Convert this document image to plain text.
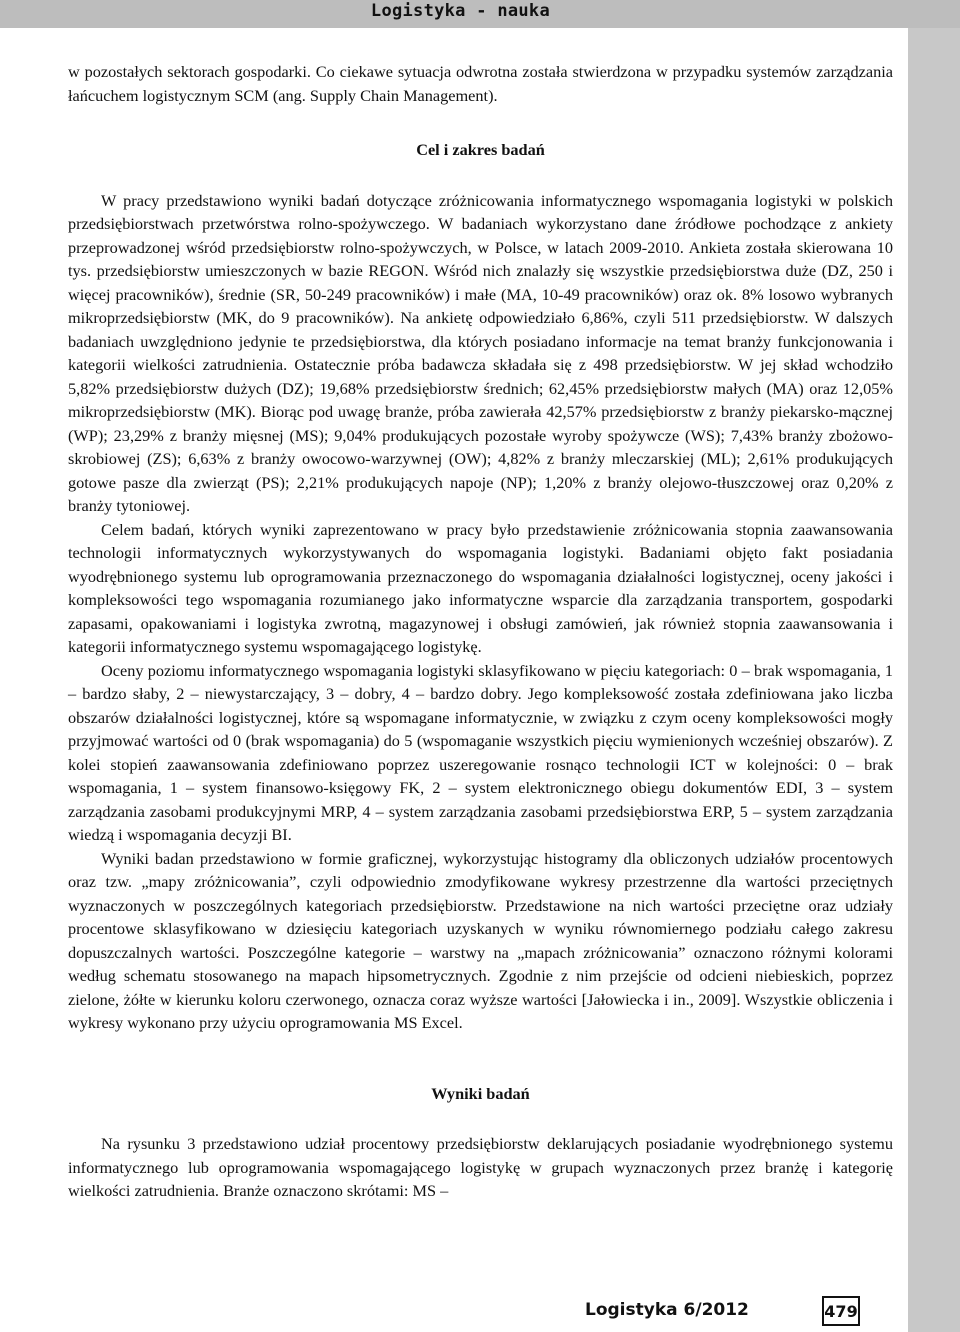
Logistyka - nauka

w pozostałych sektorach gospodarki. Co ciekawe sytuacja odwrotna została stwierdzona w przypadku systemów zarządzania łańcuchem logistycznym SCM (ang. Supply Chain Management).

Cel i zakres badań

W pracy przedstawiono wyniki badań dotyczące zróżnicowania informatycznego wspomagania logistyki w polskich przedsiębiorstwach przetwórstwa rolno-spożywczego. W badaniach wykorzystano dane źródłowe pochodzące z ankiety przeprowadzonej wśród przedsiębiorstw rolno-spożywczych, w Polsce, w latach 2009-2010. Ankieta została skierowana 10 tys. przedsiębiorstw umieszczonych w bazie REGON. Wśród nich znalazły się wszystkie przedsiębiorstwa duże (DZ, 250 i więcej pracowników), średnie (SR, 50-249 pracowników) i małe (MA, 10-49 pracowników) oraz ok. 8% losowo wybranych mikroprzedsiębiorstw (MK, do 9 pracowników). Na ankietę odpowiedziało 6,86%, czyli 511 przedsiębiorstw. W dalszych badaniach uwzględniono jedynie te przedsiębiorstwa, dla których posiadano informacje na temat branży funkcjonowania i kategorii wielkości zatrudnienia. Ostatecznie próba badawcza składała się z 498 przedsiębiorstw. W jej skład wchodziło 5,82% przedsiębiorstw dużych (DZ); 19,68% przedsiębiorstw średnich; 62,45% przedsiębiorstw małych (MA) oraz 12,05% mikroprzedsiębiorstw (MK). Biorąc pod uwagę branże, próba zawierała 42,57% przedsiębiorstw z branży piekarsko-mącznej (WP); 23,29% z branży mięsnej (MS); 9,04% produkujących pozostałe wyroby spożywcze (WS); 7,43% branży zbożowo-skrobiowej (ZS); 6,63% z branży owocowo-warzywnej (OW); 4,82% z branży mleczarskiej (ML); 2,61% produkujących gotowe pasze dla zwierząt (PS); 2,21% produkujących napoje (NP); 1,20% z branży olejowo-tłuszczowej oraz 0,20% z branży tytoniowej.

Celem badań, których wyniki zaprezentowano w pracy było przedstawienie zróżnicowania stopnia zaawansowania technologii informatycznych wykorzystywanych do wspomagania logistyki. Badaniami objęto fakt posiadania wyodrębnionego systemu lub oprogramowania przeznaczonego do wspomagania działalności logistycznej, oceny jakości i kompleksowości tego wspomagania rozumianego jako informatyczne wsparcie dla zarządzania transportem, gospodarki zapasami, opakowaniami i logistyka zwrotną, magazynowej i obsługi zamówień, jak również stopnia zaawansowania i kategorii informatycznego systemu wspomagającego logistykę.

Oceny poziomu informatycznego wspomagania logistyki sklasyfikowano w pięciu kategoriach: 0 – brak wspomagania, 1 – bardzo słaby, 2 – niewystarczający, 3 – dobry, 4 – bardzo dobry. Jego kompleksowość została zdefiniowana jako liczba obszarów działalności logistycznej, które są wspomagane informatycznie, w związku z czym oceny kompleksowości mogły przyjmować wartości od 0 (brak wspomagania) do 5 (wspomaganie wszystkich pięciu wymienionych wcześniej obszarów). Z kolei stopień zaawansowania zdefiniowano poprzez uszeregowanie rosnąco technologii ICT w kolejności: 0 – brak wspomagania, 1 – system finansowo-księgowy FK, 2 – system elektronicznego obiegu dokumentów EDI, 3 – system zarządzania zasobami produkcyjnymi MRP, 4 – system zarządzania zasobami przedsiębiorstwa ERP, 5 – system zarządzania wiedzą i wspomagania decyzji BI.

Wyniki badan przedstawiono w formie graficznej, wykorzystując histogramy dla obliczonych udziałów procentowych oraz tzw. „mapy zróżnicowania”, czyli odpowiednio zmodyfikowane wykresy przestrzenne dla wartości przeciętnych wyznaczonych w poszczególnych kategoriach przedsiębiorstw. Przedstawione na nich wartości przeciętne oraz udziały procentowe sklasyfikowano w dziesięciu kategoriach uzyskanych w wyniku równomiernego podziału całego zakresu dopuszczalnych wartości. Poszczególne kategorie – warstwy na „mapach zróżnicowania” oznaczono różnymi kolorami według schematu stosowanego na mapach hipsometrycznych. Zgodnie z nim przejście od odcieni niebieskich, poprzez zielone, żółte w kierunku koloru czerwonego, oznacza coraz wyższe wartości [Jałowiecka i in., 2009]. Wszystkie obliczenia i wykresy wykonano przy użyciu oprogramowania MS Excel.

Wyniki badań

Na rysunku 3 przedstawiono udział procentowy przedsiębiorstw deklarujących posiadanie wyodrębnionego systemu informatycznego lub oprogramowania wspomagającego logistykę w grupach wyznaczonych przez branżę i kategorię wielkości zatrudnienia. Branże oznaczono skrótami: MS –

Logistyka 6/2012	479
